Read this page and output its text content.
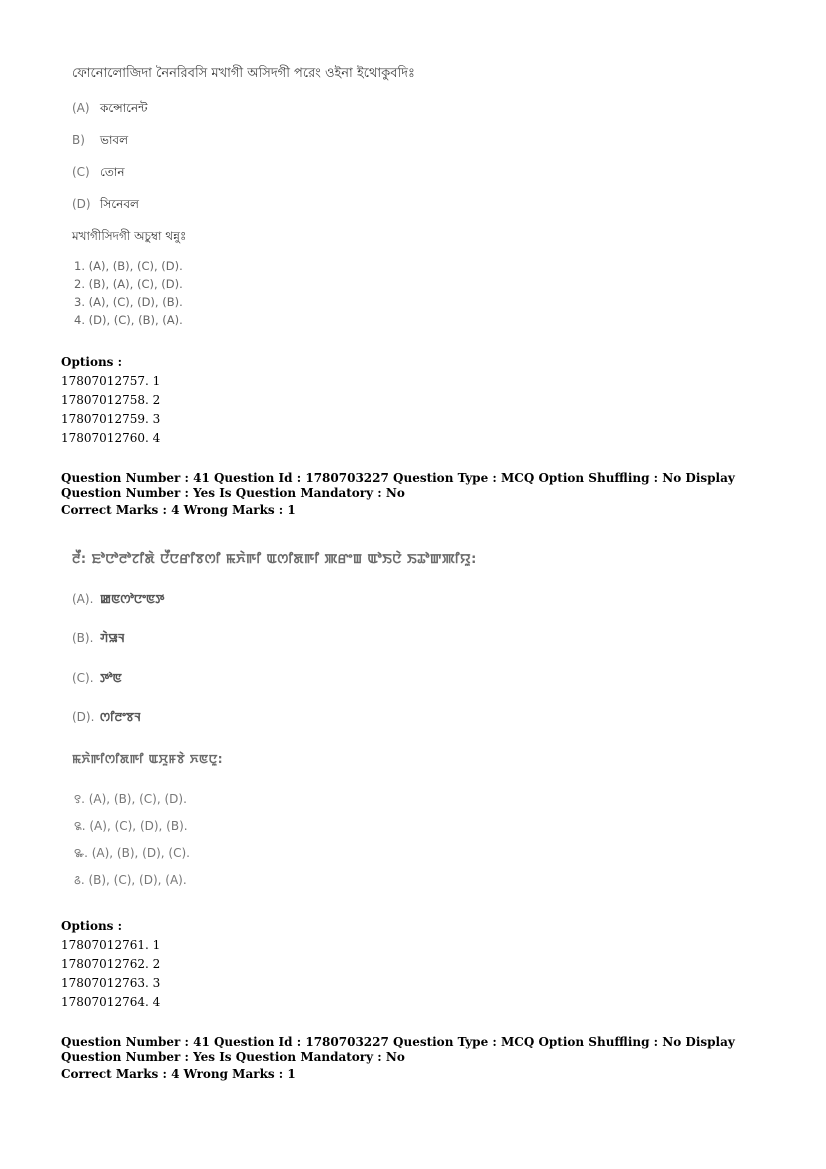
ফোনোলোজিদা নৈনরিবসি মখাগী অসিদগী পরেং ওইনা ইথোকুবদিঃ
(A) কন্সোনেন্ট
B) ভাবল
(C) তোন
(D) সিনেবল
মখাগীসিদগী অচুম্বা থন্নুঃ
1. (A), (B), (C), (D).
2. (B), (A), (C), (D).
3. (A), (C), (D), (B).
4. (D), (C), (B), (A).
Options :
17807012757. 1
17807012758. 2
17807012759. 3
17807012760. 4
Question Number : 41 Question Id : 1780703227 Question Type : MCQ Option Shuffling : No Display Question Number : Yes Is Question Mandatory : No
Correct Marks : 4 Wrong Marks : 1
ꯂꯩ: ꯐꯣꯅꯣꯂꯣꯖꯤꯗꯥ ꯅꯩꯅꯔꯤꯕꯁꯤ ꯃꯈꯥꯒꯤ ꯑꯁꯤꯗꯒꯤ ꯄꯔꯦꯡ ꯑꯣꯏꯅꯥ ꯏꯊꯣꯛꯄꯤꯌꯨ:
(A). ꯀꯟꯁꯣꯅꯦꯟꯇ
(B). ꯚꯥꯎꯜ
(C). ꯇꯣꯟ
(D). ꯁꯤꯂꯦꯕꯜ
ꯃꯈꯥꯒꯤꯁꯤꯗꯒꯤ ꯑꯆꯨꯝꯕꯥ ꯈꯟꯅꯨ:
꯱. (A), (B), (C), (D).
꯲. (A), (C), (D), (B).
꯳. (A), (B), (D), (C).
꯴. (B), (C), (D), (A).
Options :
17807012761. 1
17807012762. 2
17807012763. 3
17807012764. 4
Question Number : 41 Question Id : 1780703227 Question Type : MCQ Option Shuffling : No Display Question Number : Yes Is Question Mandatory : No
Correct Marks : 4 Wrong Marks : 1
